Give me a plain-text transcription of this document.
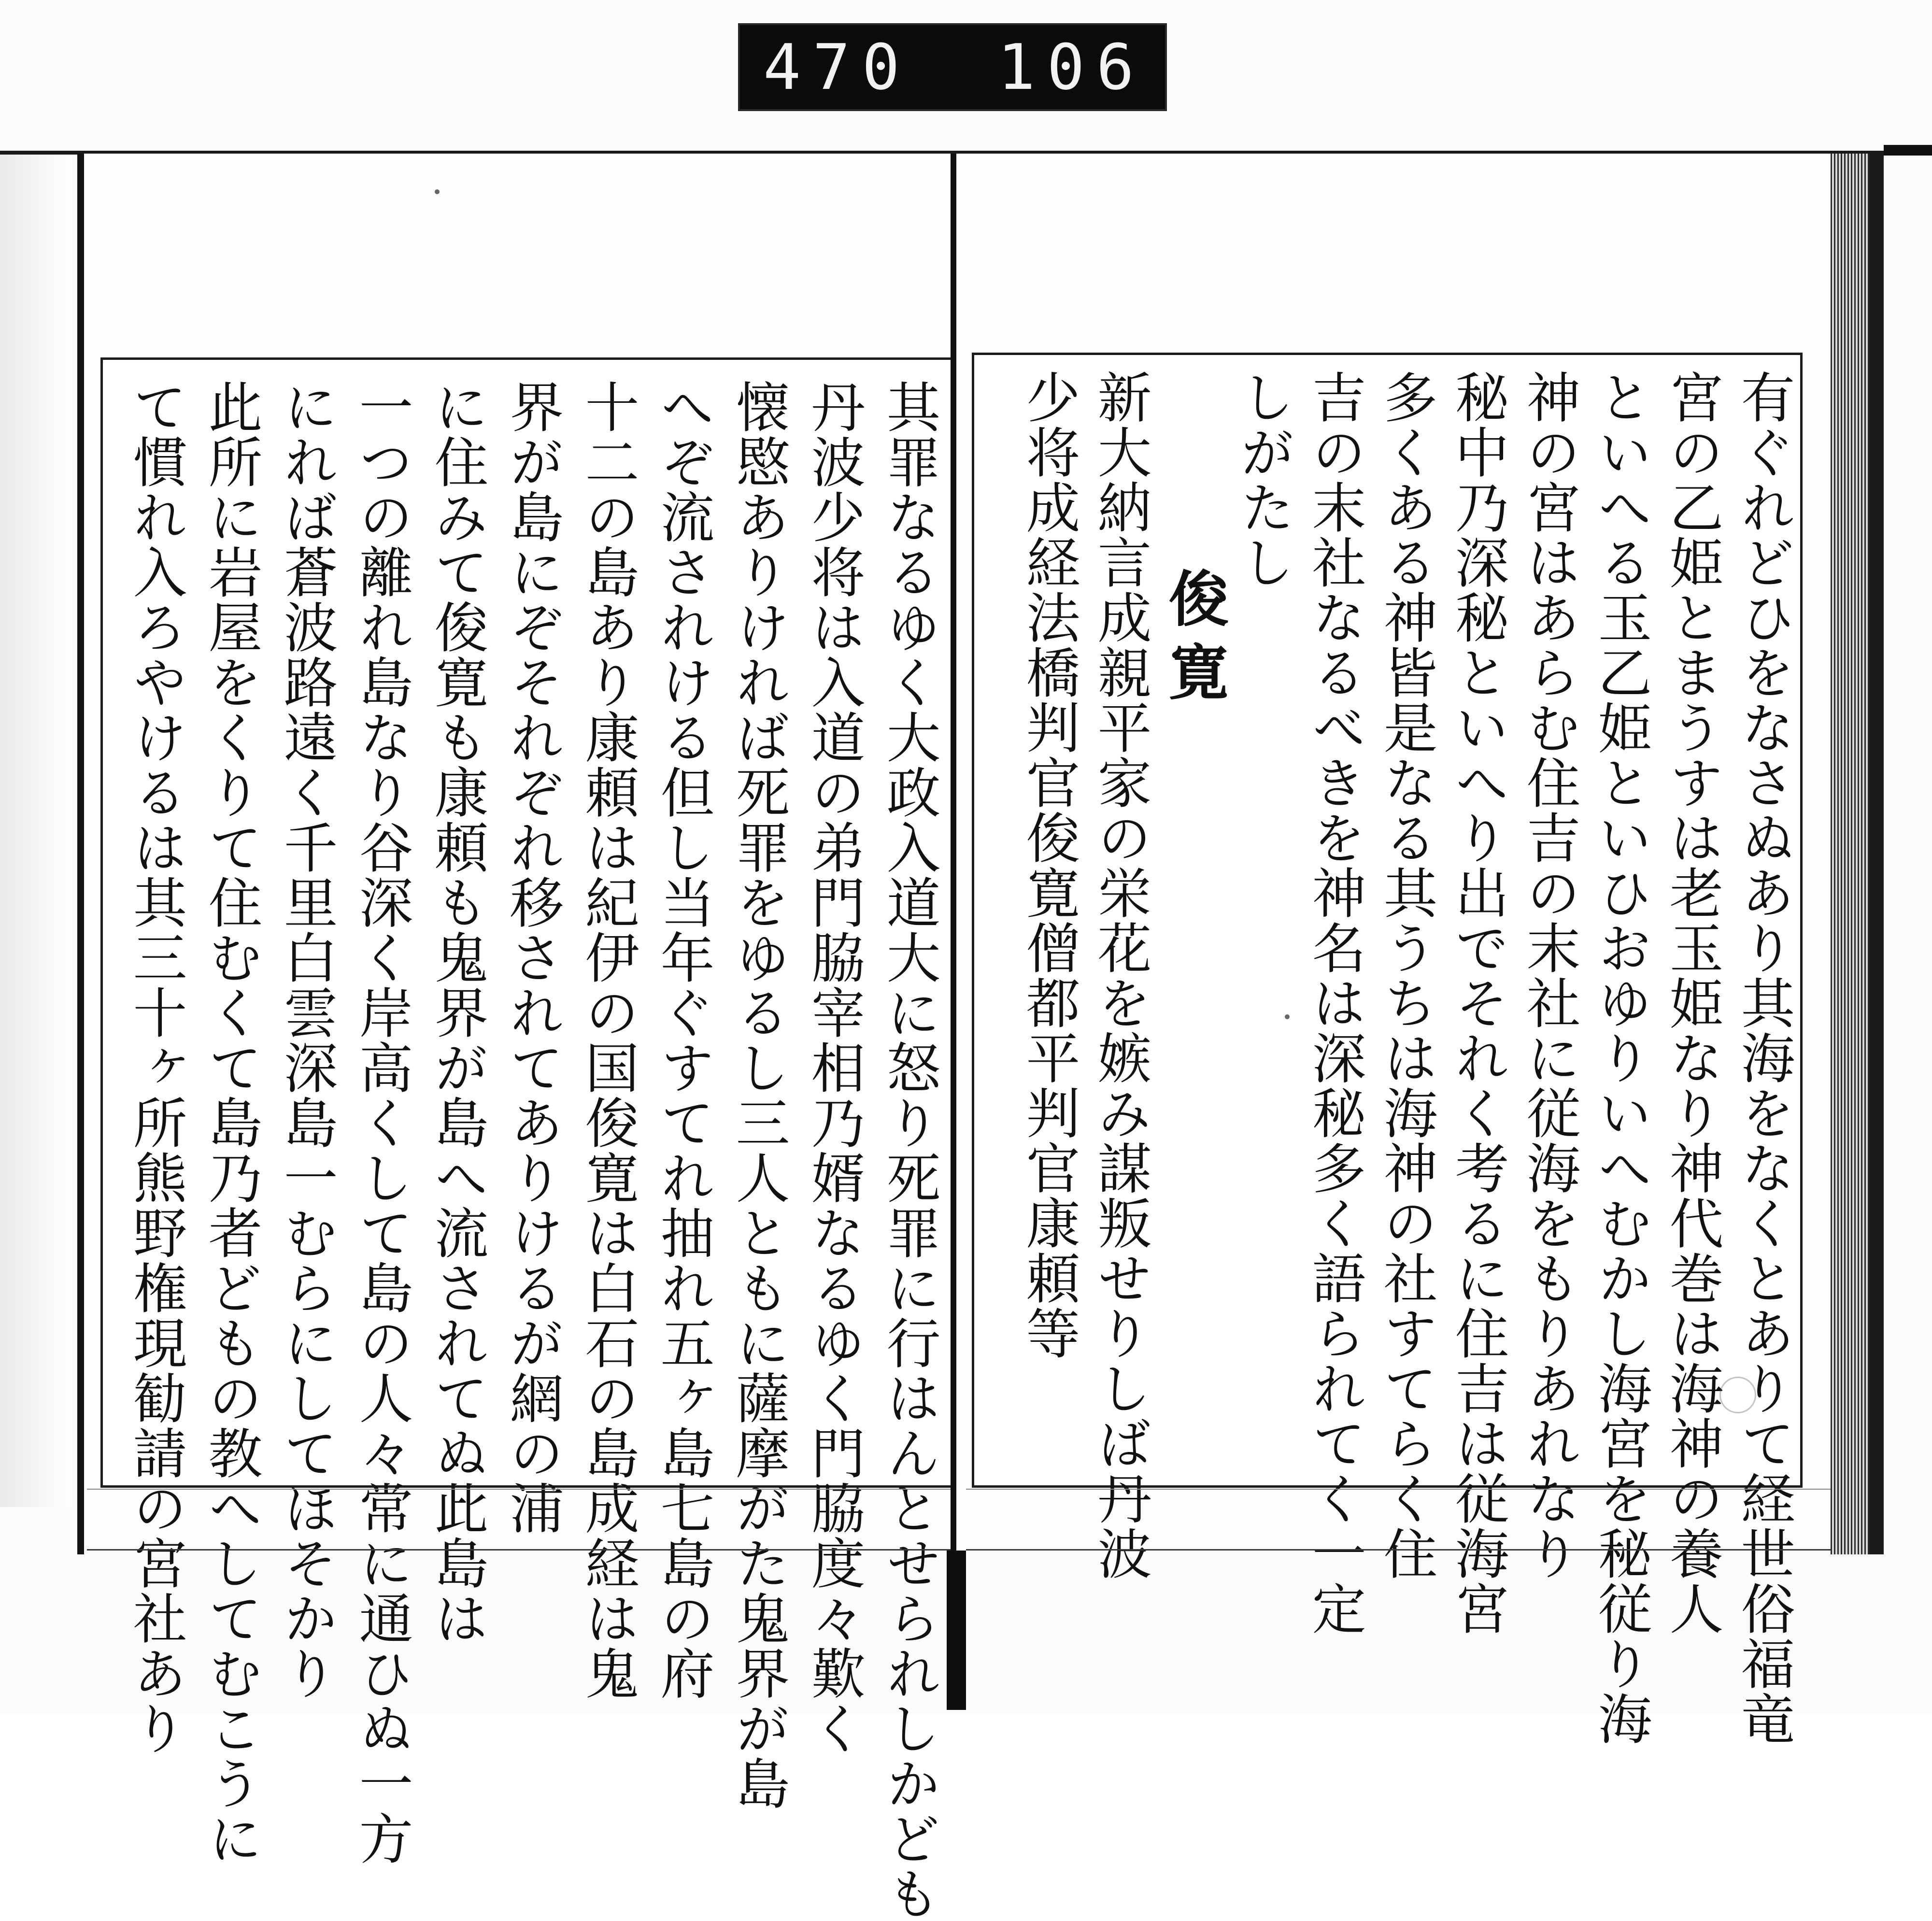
470 106
其罪なるゆく大政入道大に怒り死罪に行はんとせられしかども
丹波少将は入道の弟門脇宰相乃婿なるゆく門脇度々歎く
懐愍ありければ死罪をゆるし三人ともに薩摩がた鬼界が島
へぞ流されける但し当年ぐすてれ抽れ五ヶ島七島の府
十二の島あり康頼は紀伊の国俊寛は白石の島成経は鬼
界が島にぞそれぞれ移されてありけるが網の浦
に住みて俊寛も康頼も鬼界が島へ流されてぬ此島は
一つの離れ島なり谷深く岸高くして島の人々常に通ひぬ一方
にれば蒼波路遠く千里白雲深島一むらにしてほそかり
此所に岩屋をくりて住むくて島乃者どもの教へしてむこうに
て慣れ入ろやけるは其三十ヶ所熊野権現勧請の宮社あり	有ぐれどひをなさぬあり其海をなくとありて経世俗福竜
宮の乙姫とまうすは老玉姫なり神代巻は海神の養人
といへる玉乙姫といひおゆりいへむかし海宮を秘従り海
神の宮はあらむ住吉の末社に従海をもりあれなり
秘中乃深秘といへり出でそれく考るに住吉は従海宮
多くある神皆是なる其うちは海神の社すてらく住
吉の末社なるべきを神名は深秘多く語られてく一定
しがたし
新大納言成親平家の栄花を嫉み謀叛せりしば丹波
少将成経法橋判官俊寛僧都平判官康頼等 俊寛
